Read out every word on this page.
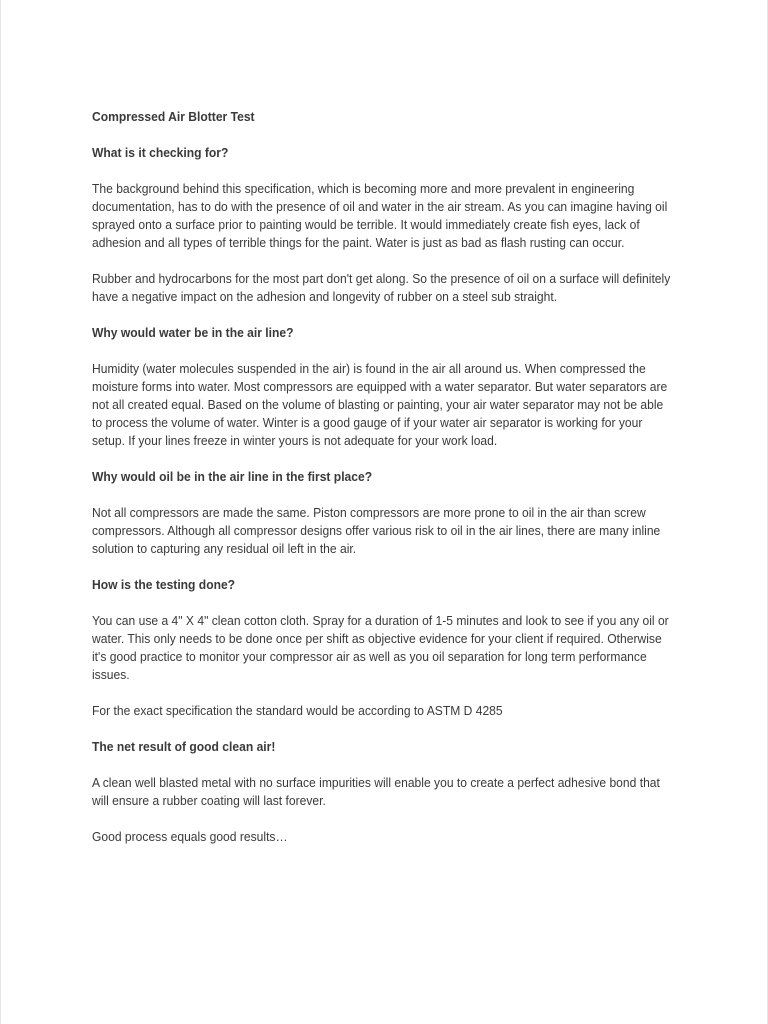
Compressed Air Blotter Test

What is it checking for?

The background behind this specification, which is becoming more and more prevalent in engineering documentation, has to do with the presence of oil and water in the air stream. As you can imagine having oil sprayed onto a surface prior to painting would be terrible. It would immediately create fish eyes, lack of adhesion and all types of terrible things for the paint. Water is just as bad as flash rusting can occur.

Rubber and hydrocarbons for the most part don't get along. So the presence of oil on a surface will definitely have a negative impact on the adhesion and longevity of rubber on a steel sub straight.

Why would water be in the air line?

Humidity (water molecules suspended in the air) is found in the air all around us. When compressed the moisture forms into water. Most compressors are equipped with a water separator. But water separators are not all created equal. Based on the volume of blasting or painting, your air water separator may not be able to process the volume of water. Winter is a good gauge of if your water air separator is working for your setup. If your lines freeze in winter yours is not adequate for your work load.

Why would oil be in the air line in the first place?

Not all compressors are made the same. Piston compressors are more prone to oil in the air than screw compressors. Although all compressor designs offer various risk to oil in the air lines, there are many inline solution to capturing any residual oil left in the air.

How is the testing done?

You can use a 4" X 4" clean cotton cloth. Spray for a duration of 1-5 minutes and look to see if you any oil or water. This only needs to be done once per shift as objective evidence for your client if required. Otherwise it's good practice to monitor your compressor air as well as you oil separation for long term performance issues.

For the exact specification the standard would be according to ASTM D 4285

The net result of good clean air!

A clean well blasted metal with no surface impurities will enable you to create a perfect adhesive bond that will ensure a rubber coating will last forever.

Good process equals good results…
